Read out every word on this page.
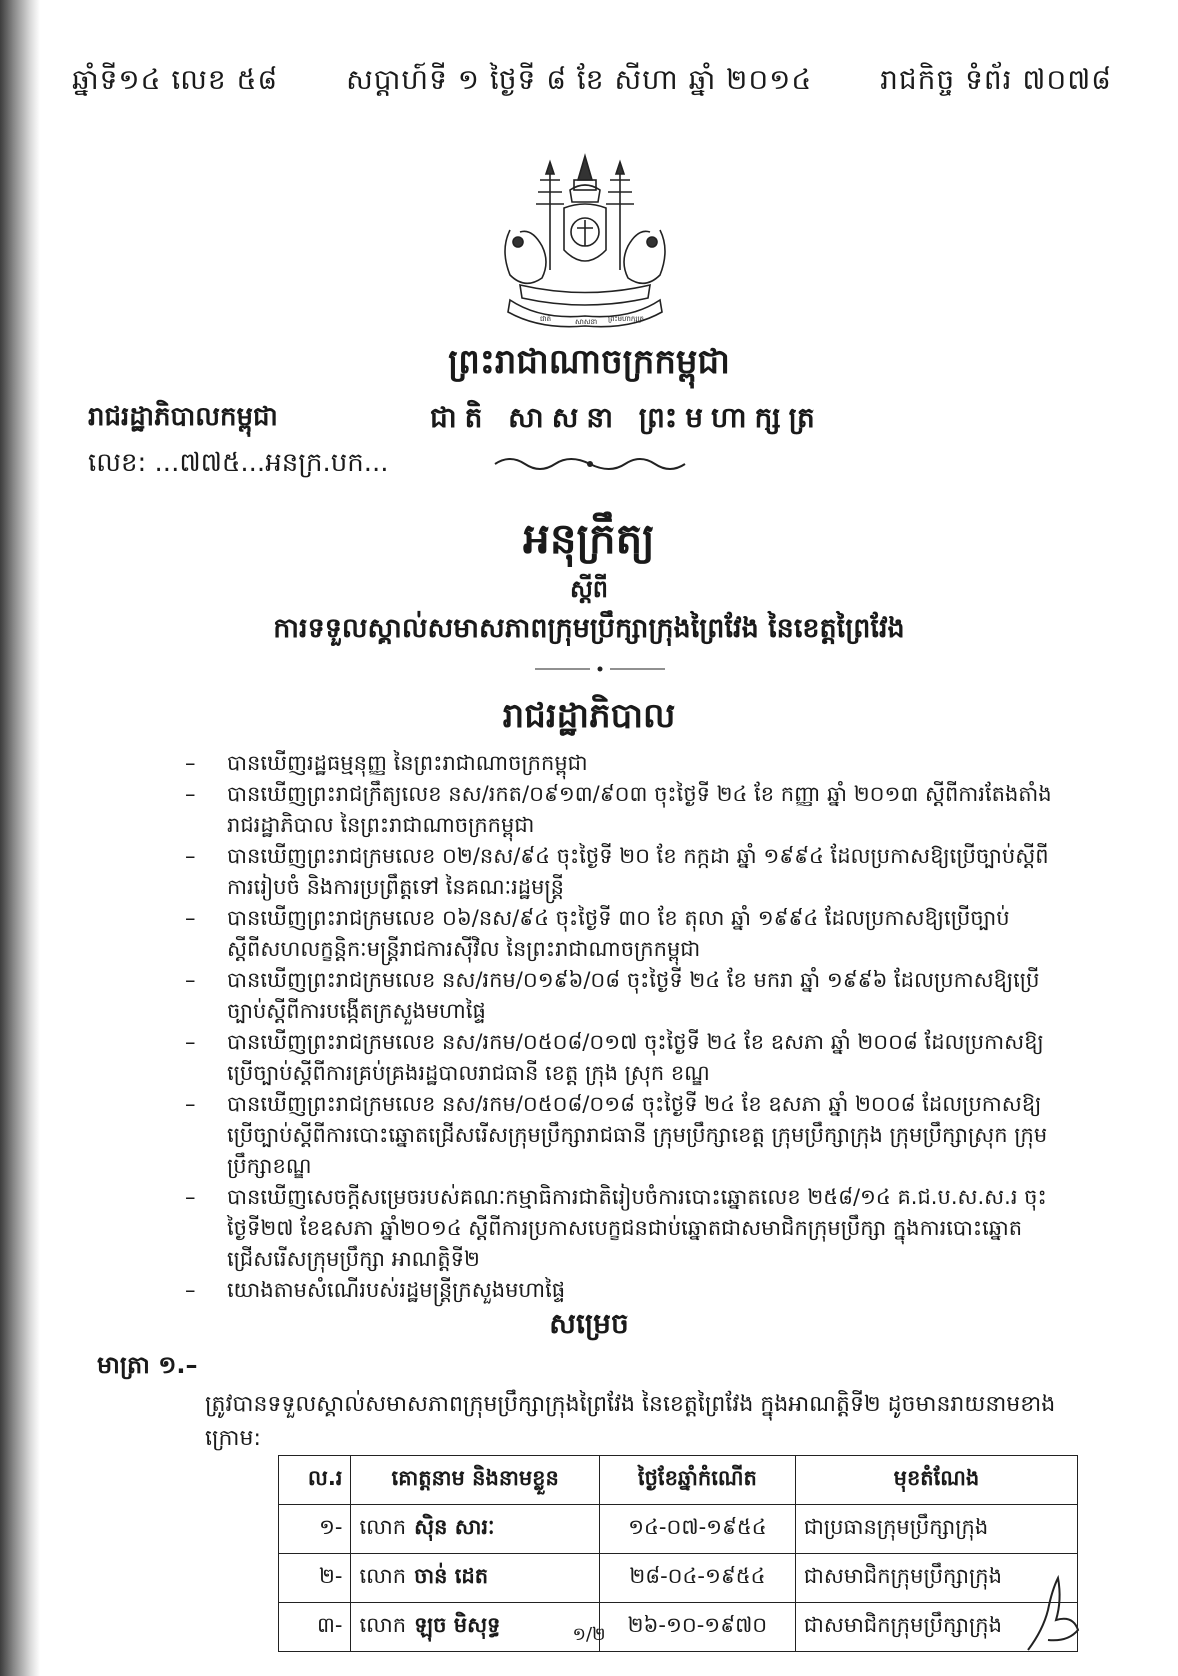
ឆ្នាំទី១៤ លេខ ៥៨ សប្តាហ៍ទី ១ ថ្ងៃទី ៨ ខែ សីហា ឆ្នាំ ២០១៤ រាជកិច្ច ទំព័រ ៧០៧៨
ជាតិ	សាសនា ព្រះមហាក្សត្រ
ព្រះរាជាណាចក្រកម្ពុជា
រាជរដ្ឋាភិបាលកម្ពុជា	ជាតិ សាសនា ព្រះមហាក្សត្រ
លេខ: ...៧៧៥...អនក្រ.បក...
អនុក្រឹត្យ
ស្តីពី
ការទទួលស្គាល់សមាសភាពក្រុមប្រឹក្សាក្រុងព្រៃវែង នៃខេត្តព្រៃវែង
រាជរដ្ឋាភិបាល
– បានឃើញរដ្ឋធម្មនុញ្ញ នៃព្រះរាជាណាចក្រកម្ពុជា
– បានឃើញព្រះរាជក្រឹត្យលេខ នស/រកត/០៩១៣/៩០៣ ចុះថ្ងៃទី ២៤ ខែ កញ្ញា ឆ្នាំ ២០១៣ ស្តីពីការតែងតាំងរាជរដ្ឋាភិបាល នៃព្រះរាជាណាចក្រកម្ពុជា
– បានឃើញព្រះរាជក្រមលេខ ០២/នស/៩៤ ចុះថ្ងៃទី ២០ ខែ កក្កដា ឆ្នាំ ១៩៩៤ ដែលប្រកាសឱ្យប្រើច្បាប់ស្តីពីការរៀបចំ និងការប្រព្រឹត្តទៅ នៃគណៈរដ្ឋមន្ត្រី
– បានឃើញព្រះរាជក្រមលេខ ០៦/នស/៩៤ ចុះថ្ងៃទី ៣០ ខែ តុលា ឆ្នាំ ១៩៩៤ ដែលប្រកាសឱ្យប្រើច្បាប់ស្តីពីសហលក្ខន្តិកៈមន្ត្រីរាជការស៊ីវិល នៃព្រះរាជាណាចក្រកម្ពុជា
– បានឃើញព្រះរាជក្រមលេខ នស/រកម/០១៩៦/០៨ ចុះថ្ងៃទី ២៤ ខែ មករា ឆ្នាំ ១៩៩៦ ដែលប្រកាសឱ្យប្រើច្បាប់ស្តីពីការបង្កើតក្រសួងមហាផ្ទៃ
– បានឃើញព្រះរាជក្រមលេខ នស/រកម/០៥០៨/០១៧ ចុះថ្ងៃទី ២៤ ខែ ឧសភា ឆ្នាំ ២០០៨ ដែលប្រកាសឱ្យប្រើច្បាប់ស្តីពីការគ្រប់គ្រងរដ្ឋបាលរាជធានី ខេត្ត ក្រុង ស្រុក ខណ្ឌ
– បានឃើញព្រះរាជក្រមលេខ នស/រកម/០៥០៨/០១៨ ចុះថ្ងៃទី ២៤ ខែ ឧសភា ឆ្នាំ ២០០៨ ដែលប្រកាសឱ្យប្រើច្បាប់ស្តីពីការបោះឆ្នោតជ្រើសរើសក្រុមប្រឹក្សារាជធានី ក្រុមប្រឹក្សាខេត្ត ក្រុមប្រឹក្សាក្រុង ក្រុមប្រឹក្សាស្រុក ក្រុមប្រឹក្សាខណ្ឌ
– បានឃើញសេចក្តីសម្រេចរបស់គណៈកម្មាធិការជាតិរៀបចំការបោះឆ្នោតលេខ ២៥៨/១៤ គ.ជ.ប.ស.ស.រ ចុះថ្ងៃទី២៧ ខែឧសភា ឆ្នាំ២០១៤ ស្តីពីការប្រកាសបេក្ខជនជាប់ឆ្នោតជាសមាជិកក្រុមប្រឹក្សា ក្នុងការបោះឆ្នោតជ្រើសរើសក្រុមប្រឹក្សា អាណត្តិទី២
– យោងតាមសំណើរបស់រដ្ឋមន្ត្រីក្រសួងមហាផ្ទៃ
សម្រេច
មាត្រា ១.–
ត្រូវបានទទួលស្គាល់សមាសភាពក្រុមប្រឹក្សាក្រុងព្រៃវែង នៃខេត្តព្រៃវែង ក្នុងអាណត្តិទី២ ដូចមានរាយនាមខាងក្រោម:
ល.រ	គោត្តនាម និងនាមខ្លួន	ថ្ងៃខែឆ្នាំកំណើត	មុខតំណែង
១-	លោក ស៊ិន សារៈ	១៤-០៧-១៩៥៤	ជាប្រធានក្រុមប្រឹក្សាក្រុង
២-	លោក ចាន់ ដេត	២៨-០៤-១៩៥៤	ជាសមាជិកក្រុមប្រឹក្សាក្រុង
៣-	លោក ឡុច មិសុទ្ធ	២៦-១០-១៩៧០	ជាសមាជិកក្រុមប្រឹក្សាក្រុង
១/២
